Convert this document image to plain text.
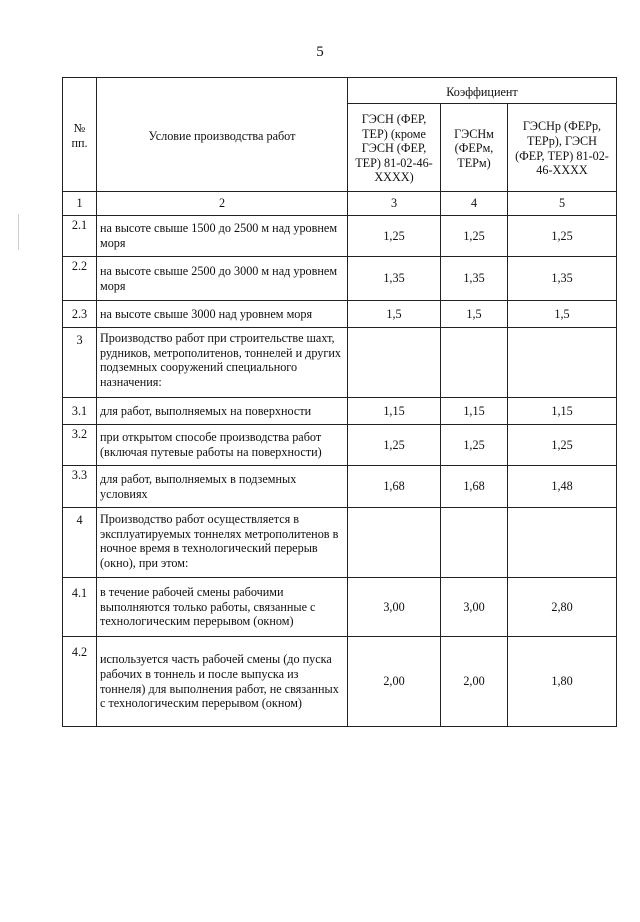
5
№
пп.	Условие производства работ	Коэффициент		
		ГЭСН (ФЕР, ТЕР) (кроме ГЭСН (ФЕР, ТЕР) 81-02-46-XXXX)	ГЭСНм (ФЕРм, ТЕРм)	ГЭСНр (ФЕРр, ТЕРр), ГЭСН (ФЕР, ТЕР) 81-02-46-XXXX
1	2	3	4	5
2.1	на высоте свыше 1500 до 2500 м над уровнем моря	1,25	1,25	1,25
2.2	на высоте свыше 2500 до 3000 м над уровнем моря	1,35	1,35	1,35
2.3	на высоте свыше 3000 над уровнем моря	1,5	1,5	1,5
3	Производство работ при строительстве шахт, рудников, метрополитенов, тоннелей и других подземных сооружений специального назначения:			
3.1	для работ, выполняемых на поверхности	1,15	1,15	1,15
3.2	при открытом способе производства работ (включая путевые работы на поверхности)	1,25	1,25	1,25
3.3	для работ, выполняемых в подземных условиях	1,68	1,68	1,48
4	Производство работ осуществляется в эксплуатируемых тоннелях метрополитенов в ночное время в технологический перерыв (окно), при этом:			
4.1	в течение рабочей смены рабочими выполняются только работы, связанные с технологическим перерывом (окном)	3,00	3,00	2,80
4.2	используется часть рабочей смены (до пуска рабочих в тоннель и после выпуска из тоннеля) для выполнения работ, не связанных с технологическим перерывом (окном)	2,00	2,00	1,80
